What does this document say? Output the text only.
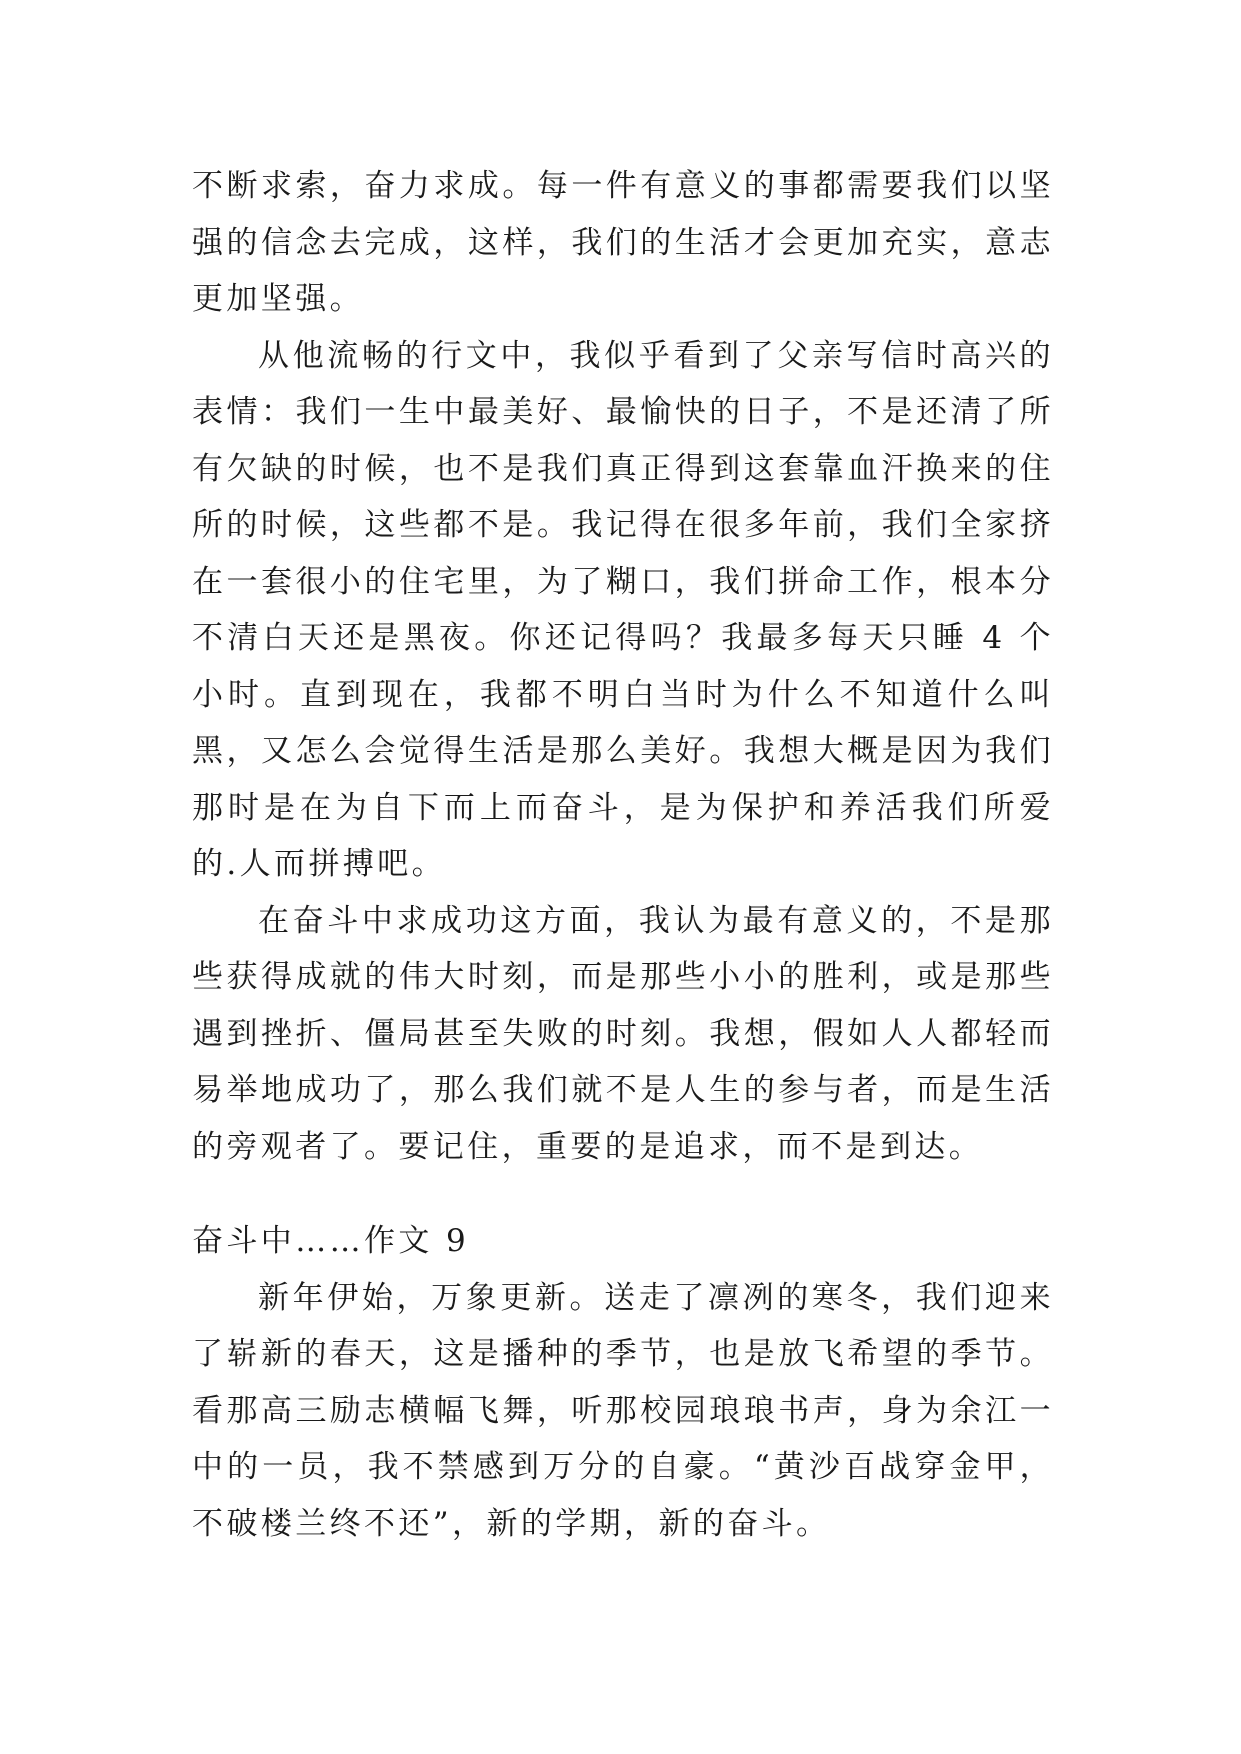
不断求索，奋力求成。每一件有意义的事都需要我们以坚强的信念去完成，这样，我们的生活才会更加充实，意志更加坚强。

从他流畅的行文中，我似乎看到了父亲写信时高兴的表情：我们一生中最美好、最愉快的日子，不是还清了所有欠缺的时候，也不是我们真正得到这套靠血汗换来的住所的时候，这些都不是。我记得在很多年前，我们全家挤在一套很小的住宅里，为了糊口，我们拼命工作，根本分不清白天还是黑夜。你还记得吗？我最多每天只睡 4 个小时。直到现在，我都不明白当时为什么不知道什么叫黑，又怎么会觉得生活是那么美好。我想大概是因为我们那时是在为自下而上而奋斗，是为保护和养活我们所爱的.人而拼搏吧。

在奋斗中求成功这方面，我认为最有意义的，不是那些获得成就的伟大时刻，而是那些小小的胜利，或是那些遇到挫折、僵局甚至失败的时刻。我想，假如人人都轻而易举地成功了，那么我们就不是人生的参与者，而是生活的旁观者了。要记住，重要的是追求，而不是到达。

奋斗中……作文 9

新年伊始，万象更新。送走了凛冽的寒冬，我们迎来了崭新的春天，这是播种的季节，也是放飞希望的季节。看那高三励志横幅飞舞，听那校园琅琅书声，身为余江一中的一员，我不禁感到万分的自豪。“黄沙百战穿金甲，不破楼兰终不还”，新的学期，新的奋斗。
